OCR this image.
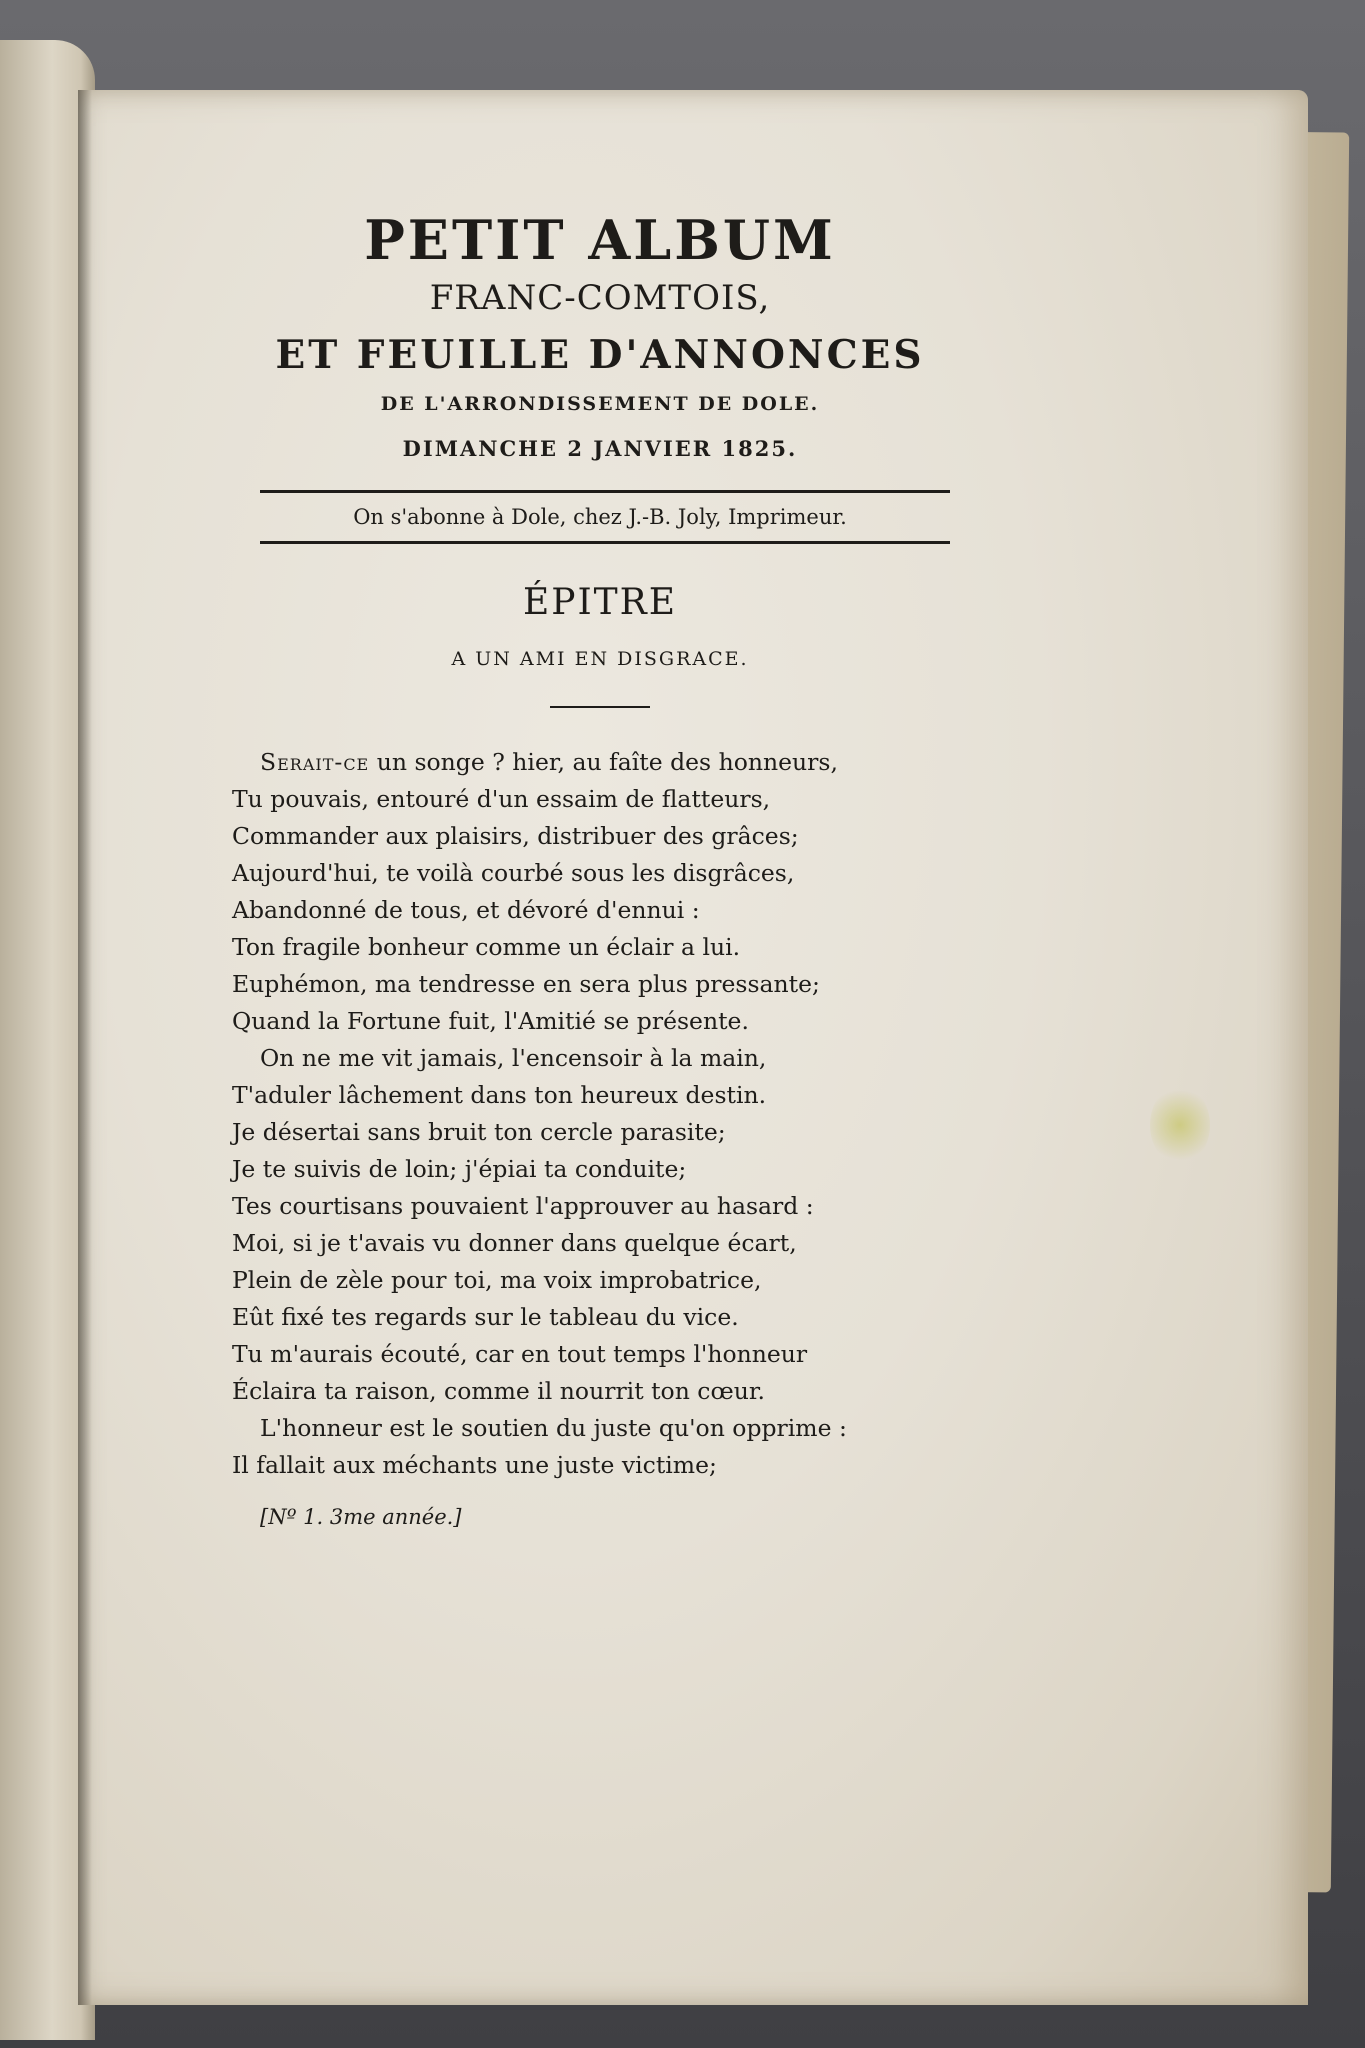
PETIT ALBUM
FRANC-COMTOIS,
ET FEUILLE D'ANNONCES
DE L'ARRONDISSEMENT DE DOLE.
DIMANCHE 2 JANVIER 1825.
On s'abonne à Dole, chez J.-B. Joly, Imprimeur.
ÉPITRE
A UN AMI EN DISGRACE.
Serait-ce un songe ? hier, au faîte des honneurs,
Tu pouvais, entouré d'un essaim de flatteurs,
Commander aux plaisirs, distribuer des grâces;
Aujourd'hui, te voilà courbé sous les disgrâces,
Abandonné de tous, et dévoré d'ennui :
Ton fragile bonheur comme un éclair a lui.
Euphémon, ma tendresse en sera plus pressante;
Quand la Fortune fuit, l'Amitié se présente.
On ne me vit jamais, l'encensoir à la main,
T'aduler lâchement dans ton heureux destin.
Je désertai sans bruit ton cercle parasite;
Je te suivis de loin; j'épiai ta conduite;
Tes courtisans pouvaient l'approuver au hasard :
Moi, si je t'avais vu donner dans quelque écart,
Plein de zèle pour toi, ma voix improbatrice,
Eût fixé tes regards sur le tableau du vice.
Tu m'aurais écouté, car en tout temps l'honneur
Éclaira ta raison, comme il nourrit ton cœur.
L'honneur est le soutien du juste qu'on opprime :
Il fallait aux méchants une juste victime;
[Nº 1. 3me année.]
